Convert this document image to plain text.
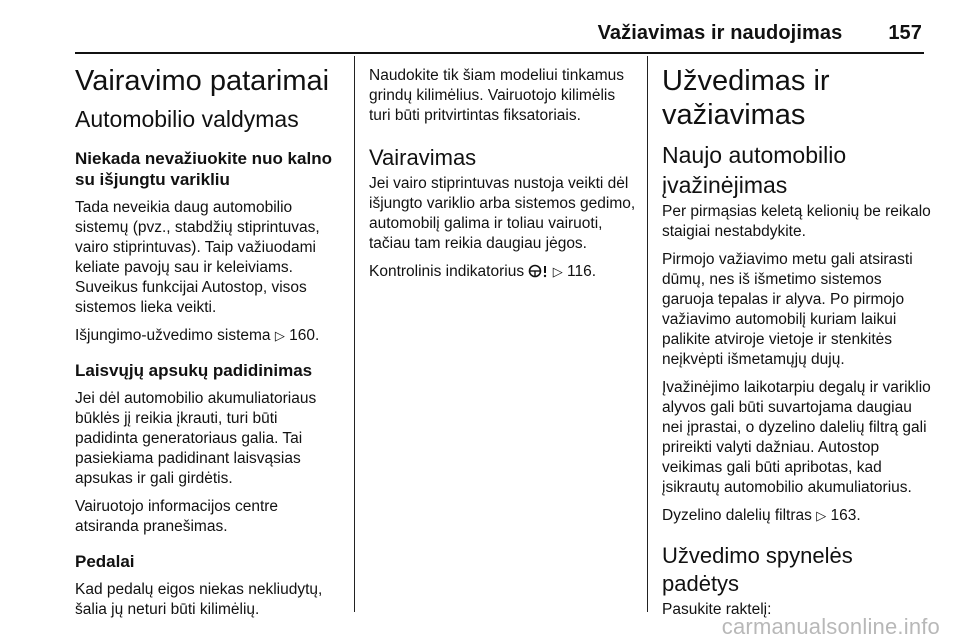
Važiavimas ir naudojimas 157
Vairavimo patarimai
Automobilio valdymas
Niekada nevažiuokite nuo kalno su išjungtu varikliu

Tada neveikia daug automobilio sistemų (pvz., stabdžių stiprintuvas, vairo stiprintuvas). Taip važiuodami keliate pavojų sau ir keleiviams. Suveikus funkcijai Autostop, visos sistemos lieka veikti.

Išjungimo-užvedimo sistema ▷ 160.

Laisvųjų apsukų padidinimas

Jei dėl automobilio akumuliatoriaus būklės jį reikia įkrauti, turi būti padidinta generatoriaus galia. Tai pasiekiama padidinant laisvąsias apsukas ir gali girdėtis.

Vairuotojo informacijos centre atsiranda pranešimas.

Pedalai

Kad pedalų eigos niekas nekliudytų, šalia jų neturi būti kilimėlių.

Naudokite tik šiam modeliui tinkamus grindų kilimėlius. Vairuotojo kilimėlis turi būti pritvirtintas fiksatoriais.

Vairavimas

Jei vairo stiprintuvas nustoja veikti dėl išjungto variklio arba sistemos gedimo, automobilį galima ir toliau vairuoti, tačiau tam reikia daugiau jėgos.

Kontrolinis indikatorius ▷ 116.

Užvedimas ir važiavimas
Naujo automobilio įvažinėjimas

Per pirmąsias keletą kelionių be reikalo staigiai nestabdykite.

Pirmojo važiavimo metu gali atsirasti dūmų, nes iš išmetimo sistemos garuoja tepalas ir alyva. Po pirmojo važiavimo automobilį kuriam laikui palikite atviroje vietoje ir stenkitės neįkvėpti išmetamųjų dujų.

Įvažinėjimo laikotarpiu degalų ir variklio alyvos gali būti suvartojama daugiau nei įprastai, o dyzelino dalelių filtrą gali prireikti valyti dažniau. Autostop veikimas gali būti apribotas, kad įsikrautų automobilio akumuliatorius.

Dyzelino dalelių filtras ▷ 163.

Užvedimo spynelės padėtys

Pasukite raktelį:

carmanualsonline.info
